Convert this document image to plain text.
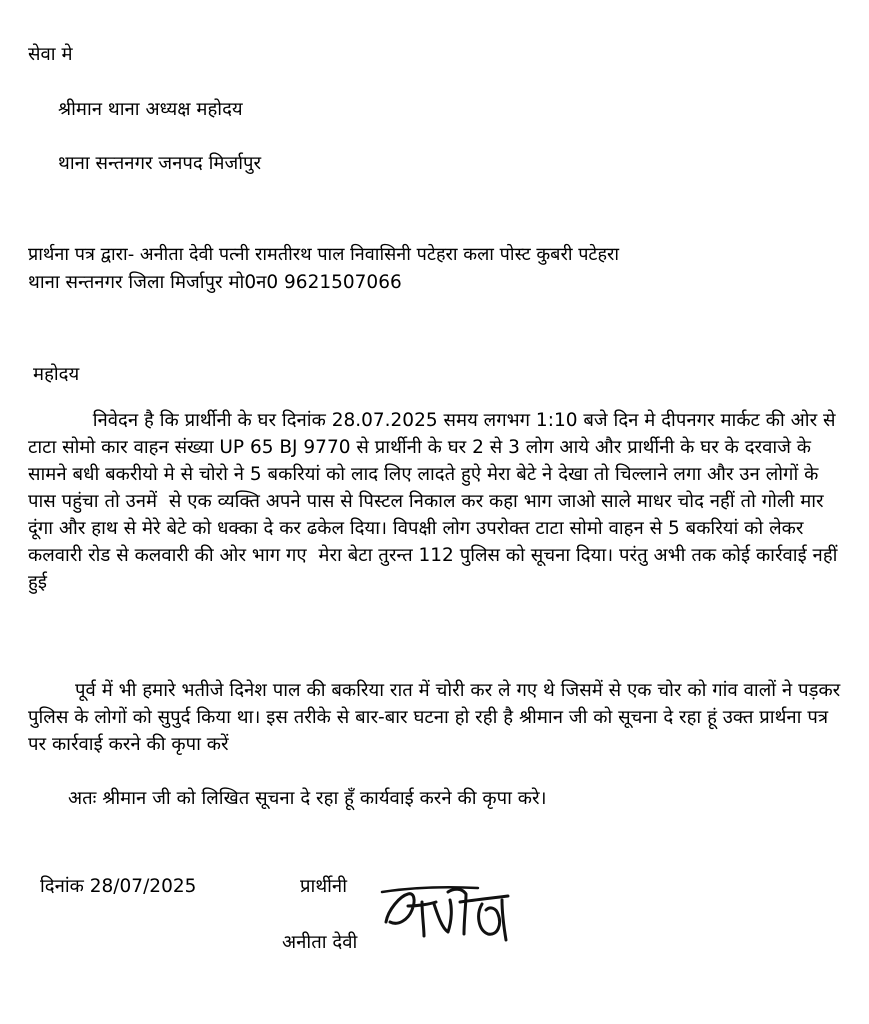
सेवा मे
श्रीमान थाना अध्यक्ष महोदय
थाना सन्तनगर जनपद मिर्जापुर
प्रार्थना पत्र द्वारा- अनीता देवी पत्नी रामतीरथ पाल निवासिनी पटेहरा कला पोस्ट कुबरी पटेहरा
थाना सन्तनगर जिला मिर्जापुर मो0न0 9621507066
महोदय

निवेदन है कि प्रार्थीनी के घर दिनांक 28.07.2025 समय लगभग 1:10 बजे दिन मे दीपनगर मार्कट की ओर से टाटा सोमो कार वाहन संख्या UP 65 BJ 9770 से प्रार्थीनी के घर 2 से 3 लोग आये और प्रार्थीनी के घर के दरवाजे के सामने बधी बकरीयो मे से चोरो ने 5 बकरियां को लाद लिए लादते हुऐ मेरा बेटे ने देखा तो चिल्लाने लगा और उन लोगों के पास पहुंचा तो उनमें  से एक व्यक्ति अपने पास से पिस्टल निकाल कर कहा भाग जाओ साले माधर चोद नहीं तो गोली मार दूंगा और हाथ से मेरे बेटे को धक्का दे कर ढकेल दिया। विपक्षी लोग उपरोक्त टाटा सोमो वाहन से 5 बकरियां को लेकर कलवारी रोड से कलवारी की ओर भाग गए  मेरा बेटा तुरन्त 112 पुलिस को सूचना दिया। परंतु अभी तक कोई कार्रवाई नहीं हुई

पूर्व में भी हमारे भतीजे दिनेश पाल की बकरिया रात में चोरी कर ले गए थे जिसमें से एक चोर को गांव वालों ने पड़कर पुलिस के लोगों को सुपुर्द किया था। इस तरीके से बार-बार घटना हो रही है श्रीमान जी को सूचना दे रहा हूं उक्त प्रार्थना पत्र पर कार्रवाई करने की कृपा करें

अतः श्रीमान जी को लिखित सूचना दे रहा हूँ कार्यवाई करने की कृपा करे।
दिनांक 28/07/2025	प्रार्थीनी
अनीता देवी
